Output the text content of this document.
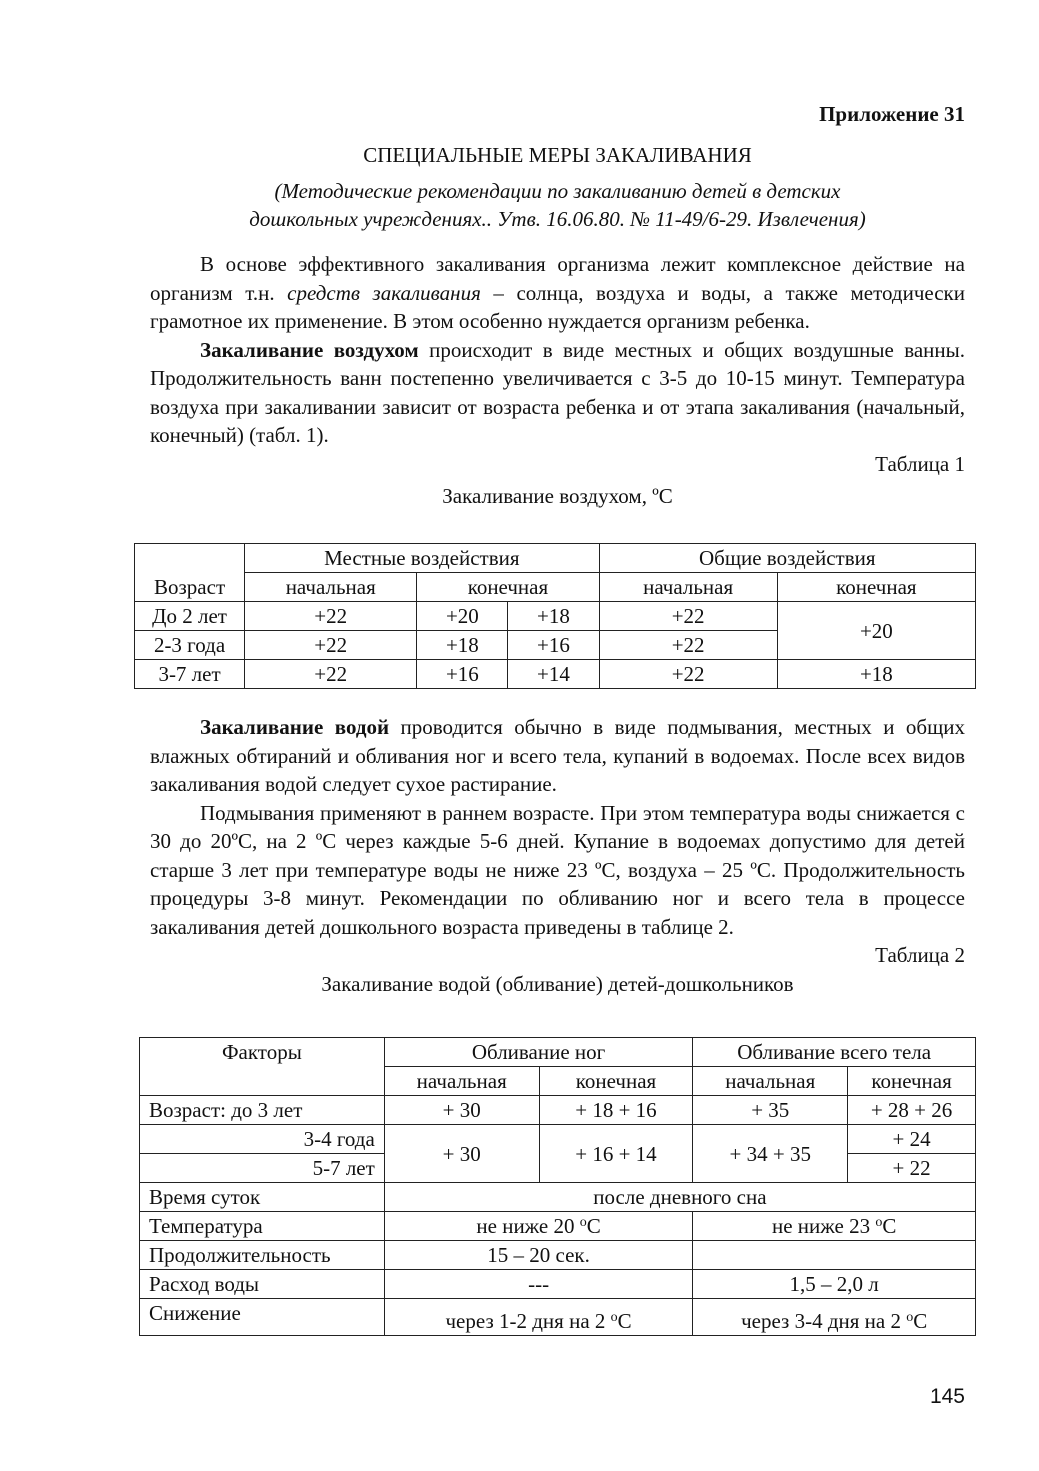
Приложение 31

СПЕЦИАЛЬНЫЕ МЕРЫ ЗАКАЛИВАНИЯ

(Методические рекомендации по закаливанию детей в детских
дошкольных учреждениях.. Утв. 16.06.80. № 11-49/6-29. Извлечения)

В основе эффективного закаливания организма лежит комплексное действие на организм т.н. средств закаливания – солнца, воздуха и воды, а также методически грамотное их применение. В этом особенно нуждается организм ребенка.

Закаливание воздухом происходит в виде местных и общих воздушные ванны. Продолжительность ванн постепенно увеличивается с 3-5 до 10-15 минут. Температура воздуха при закаливании зависит от возраста ребенка и от этапа закаливания (начальный, конечный) (табл. 1).

Таблица 1

Закаливание воздухом, ºС

Возраст	Местные воздействия			Общие воздействия	
	начальная	конечная		начальная	конечная
До 2 лет	+22	+20	+18	+22	+20
2-3 года	+22	+18	+16	+22	
3-7 лет	+22	+16	+14	+22	+18

Закаливание водой проводится обычно в виде подмывания, местных и общих влажных обтираний и обливания ног и всего тела, купаний в водоемах. После всех видов закаливания водой следует сухое растирание.

Подмывания применяют в раннем возрасте. При этом температура воды снижается с 30 до 20ºС, на 2 ºС через каждые 5-6 дней. Купание в водоемах допустимо для детей старше 3 лет при температуре воды не ниже 23 ºС, воздуха – 25 ºС. Продолжительность процедуры 3-8 минут. Рекомендации по обливанию ног и всего тела в процессе закаливания детей дошкольного возраста приведены в таблице 2.

Таблица 2

Закаливание водой (обливание) детей-дошкольников

Факторы	Обливание ног		Обливание всего тела	
	начальная	конечная	начальная	конечная
Возраст: до 3 лет	+ 30	+ 18 + 16	+ 35	+ 28 + 26
3-4 года	+ 30	+ 16 + 14	+ 34 + 35	+ 24
5-7 лет				+ 22
Время суток	после дневного сна			
Температура	не ниже 20 $^о$С		не ниже 23 $^о$С	
Продолжительность	15 – 20 сек.			
Расход воды	---		1,5 – 2,0 л	
Снижение	через 1-2 дня на 2 $^о$С		через 3-4 дня на 2 $^о$С	
145
